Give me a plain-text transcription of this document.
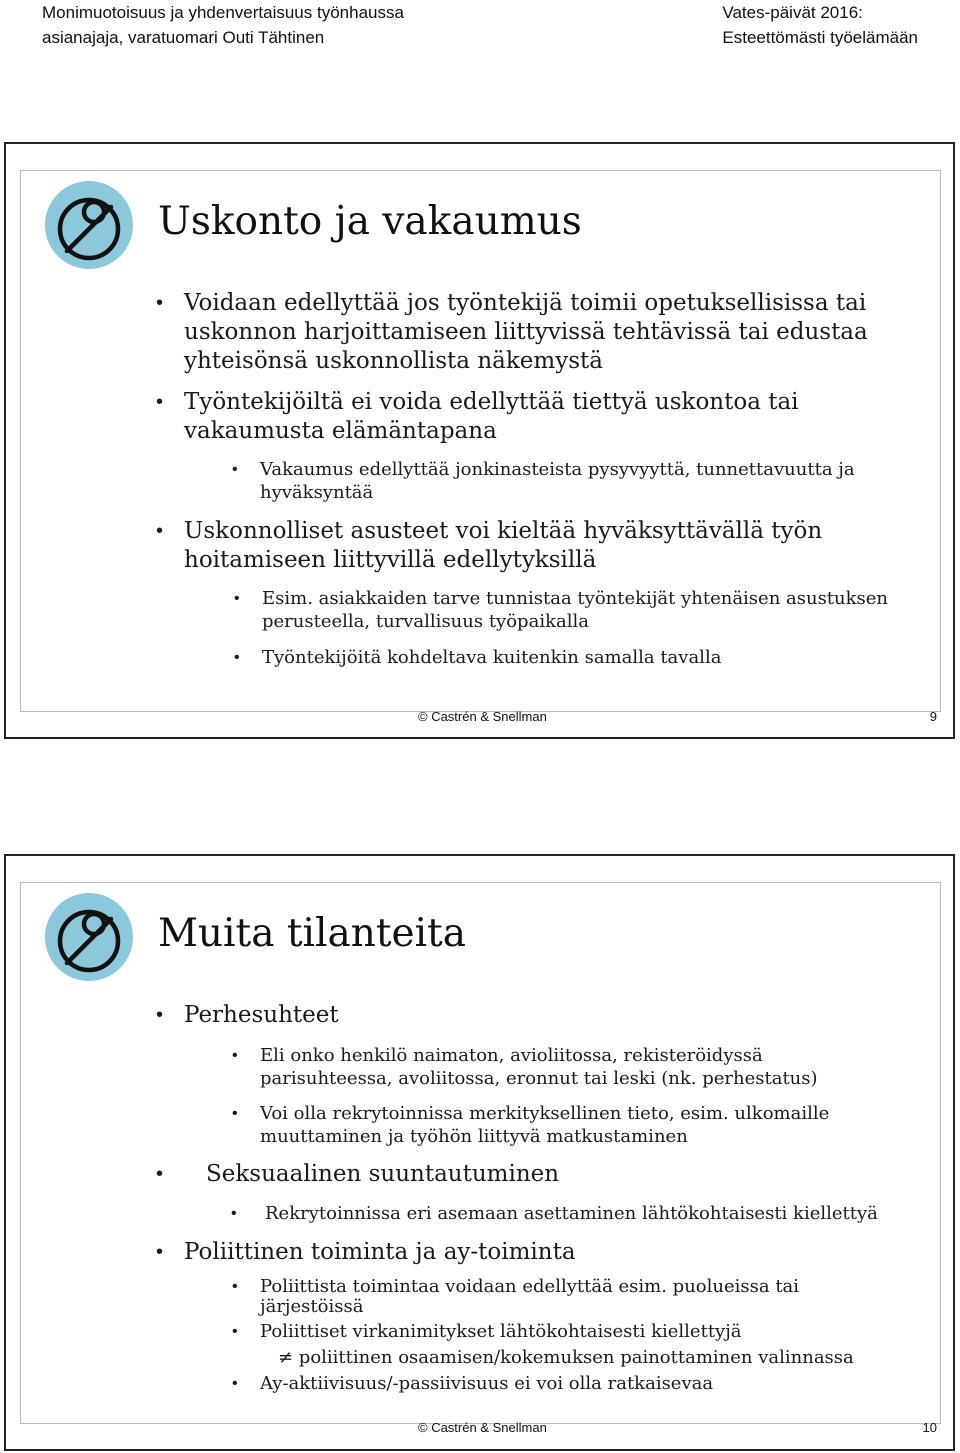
Monimuotoisuus ja yhdenvertaisuus työnhaussa
asianajaja, varatuomari Outi Tähtinen
Vates-päivät 2016:
Esteettömästi työelämään
Uskonto ja vakaumus
• Voidaan edellyttää jos työntekijä toimii opetuksellisissa tai
uskonnon harjoittamiseen liittyvissä tehtävissä tai edustaa
yhteisönsä uskonnollista näkemystä
• Työntekijöiltä ei voida edellyttää tiettyä uskontoa tai
vakaumusta elämäntapana
• Vakaumus edellyttää jonkinasteista pysyvyyttä, tunnettavuutta ja
hyväksyntää
• Uskonnolliset asusteet voi kieltää hyväksyttävällä työn
hoitamiseen liittyvillä edellytyksillä
• Esim. asiakkaiden tarve tunnistaa työntekijät yhtenäisen asustuksen
perusteella, turvallisuus työpaikalla
• Työntekijöitä kohdeltava kuitenkin samalla tavalla
© Castrén & Snellman	9
Muita tilanteita
• Perhesuhteet
• Eli onko henkilö naimaton, avioliitossa, rekisteröidyssä
parisuhteessa, avoliitossa, eronnut tai leski (nk. perhestatus)
• Voi olla rekrytoinnissa merkityksellinen tieto, esim. ulkomaille
muuttaminen ja työhön liittyvä matkustaminen
• Seksuaalinen suuntautuminen
• Rekrytoinnissa eri asemaan asettaminen lähtökohtaisesti kiellettyä
• Poliittinen toiminta ja ay-toiminta
• Poliittista toimintaa voidaan edellyttää esim. puolueissa tai
järjestöissä
• Poliittiset virkanimitykset lähtökohtaisesti kiellettyjä
≠ poliittinen osaamisen/kokemuksen painottaminen valinnassa
• Ay-aktiivisuus/-passiivisuus ei voi olla ratkaisevaa
© Castrén & Snellman	10
